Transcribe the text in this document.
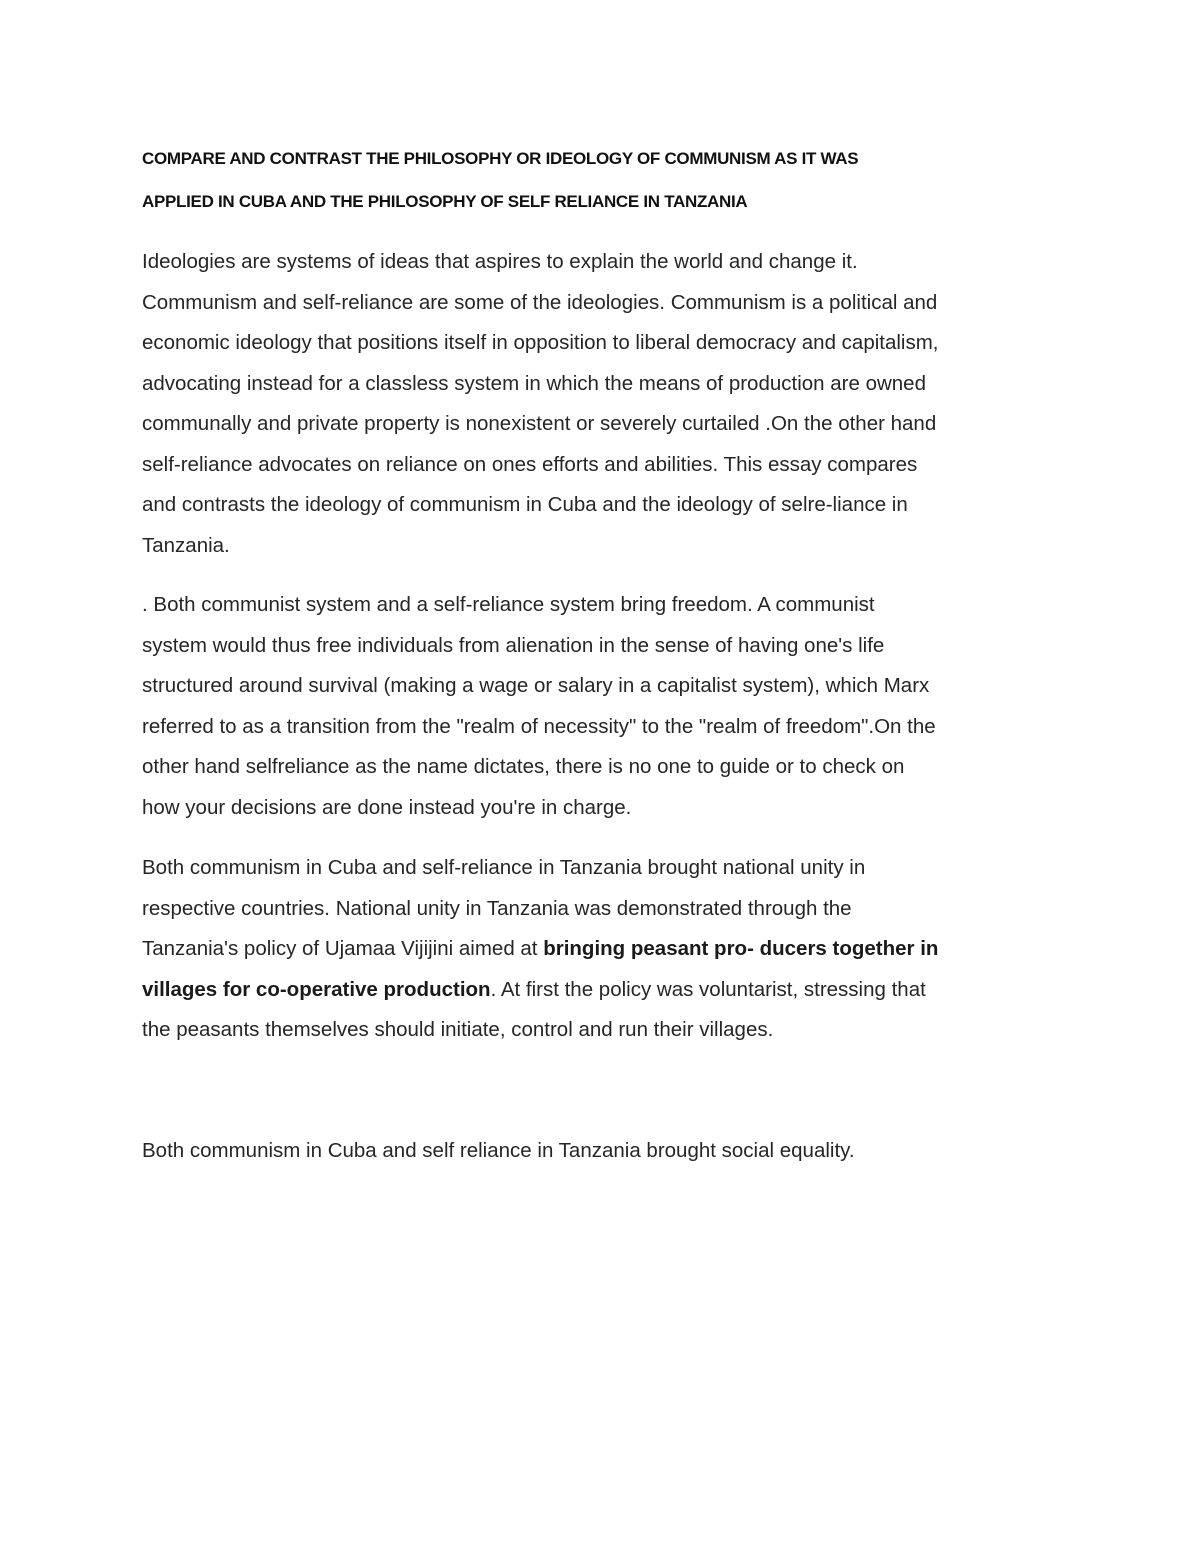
COMPARE AND CONTRAST THE PHILOSOPHY OR IDEOLOGY OF COMMUNISM AS IT WAS
APPLIED IN CUBA AND THE PHILOSOPHY OF SELF RELIANCE IN TANZANIA

Ideologies are systems of ideas that aspires to explain the world and change it.
Communism and self-reliance are some of the ideologies. Communism is a political and
economic ideology that positions itself in opposition to liberal democracy and capitalism,
advocating instead for a classless system in which the means of production are owned
communally and private property is nonexistent or severely curtailed .On the other hand
self-reliance advocates on reliance on ones efforts and abilities. This essay compares
and contrasts the ideology of communism in Cuba and the ideology of selre-liance in
Tanzania.

. Both communist system and a self-reliance system bring freedom. A communist
system would thus free individuals from alienation in the sense of having one's life
structured around survival (making a wage or salary in a capitalist system), which Marx
referred to as a transition from the "realm of necessity" to the "realm of freedom".On the
other hand selfreliance as the name dictates, there is no one to guide or to check on
how your decisions are done instead you're in charge.

Both communism in Cuba and self-reliance in Tanzania brought national unity in
respective countries. National unity in Tanzania was demonstrated through the
Tanzania's policy of Ujamaa Vijijini aimed at bringing peasant pro- ducers together in
villages for co-operative production. At first the policy was voluntarist, stressing that
the peasants themselves should initiate, control and run their villages.

Both communism in Cuba and self reliance in Tanzania brought social equality.
